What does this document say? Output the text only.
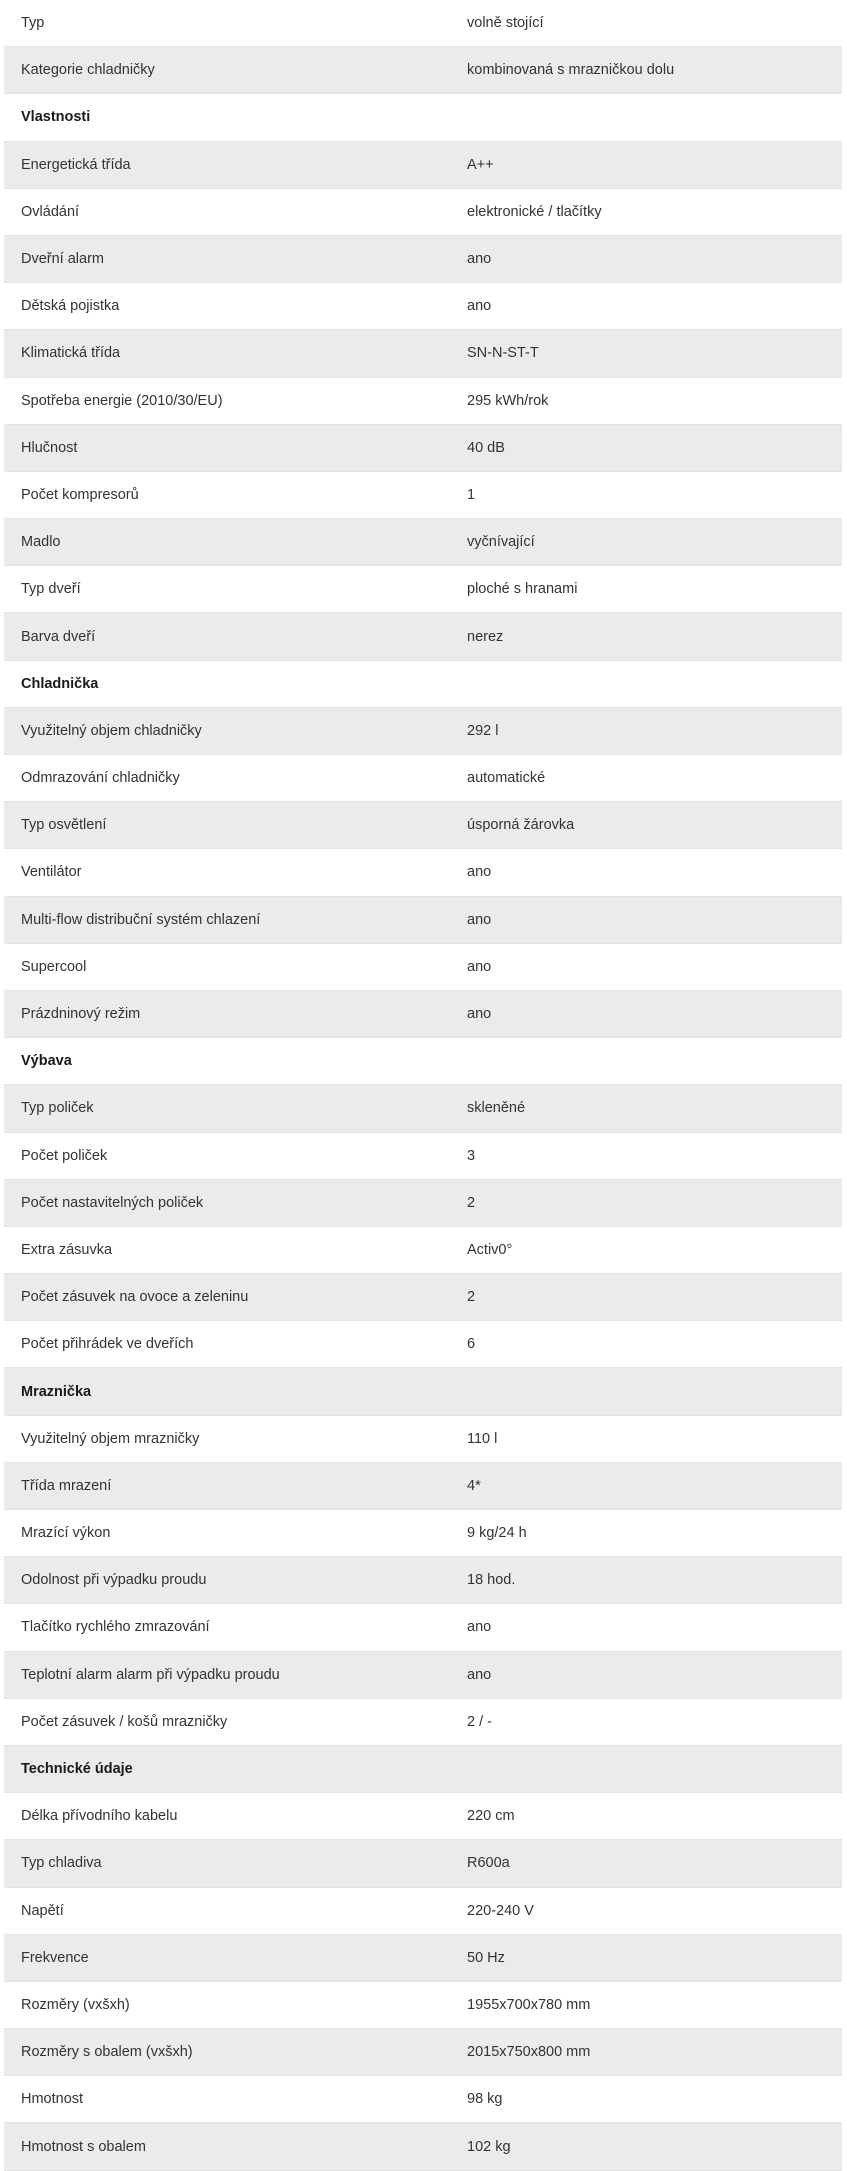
Typ	volně stojící
Kategorie chladničky	kombinovaná s mrazničkou dolu
Vlastnosti
Energetická třída	A++
Ovládání	elektronické / tlačítky
Dveřní alarm	ano
Dětská pojistka	ano
Klimatická třída	SN-N-ST-T
Spotřeba energie (2010/30/EU)	295 kWh/rok
Hlučnost	40 dB
Počet kompresorů	1
Madlo	vyčnívající
Typ dveří	ploché s hranami
Barva dveří	nerez
Chladnička
Využitelný objem chladničky	292 l
Odmrazování chladničky	automatické
Typ osvětlení	úsporná žárovka
Ventilátor	ano
Multi-flow distribuční systém chlazení	ano
Supercool	ano
Prázdninový režim	ano
Výbava
Typ poliček	skleněné
Počet poliček	3
Počet nastavitelných poliček	2
Extra zásuvka	Activ0°
Počet zásuvek na ovoce a zeleninu	2
Počet přihrádek ve dveřích	6
Mraznička
Využitelný objem mrazničky	110 l
Třída mrazení	4*
Mrazící výkon	9 kg/24 h
Odolnost při výpadku proudu	18 hod.
Tlačítko rychlého zmrazování	ano
Teplotní alarm alarm při výpadku proudu	ano
Počet zásuvek / košů mrazničky	2 / -
Technické údaje
Délka přívodního kabelu	220 cm
Typ chladiva	R600a
Napětí	220-240 V
Frekvence	50 Hz
Rozměry (vxšxh)	1955x700x780 mm
Rozměry s obalem (vxšxh)	2015x750x800 mm
Hmotnost	98 kg
Hmotnost s obalem	102 kg
